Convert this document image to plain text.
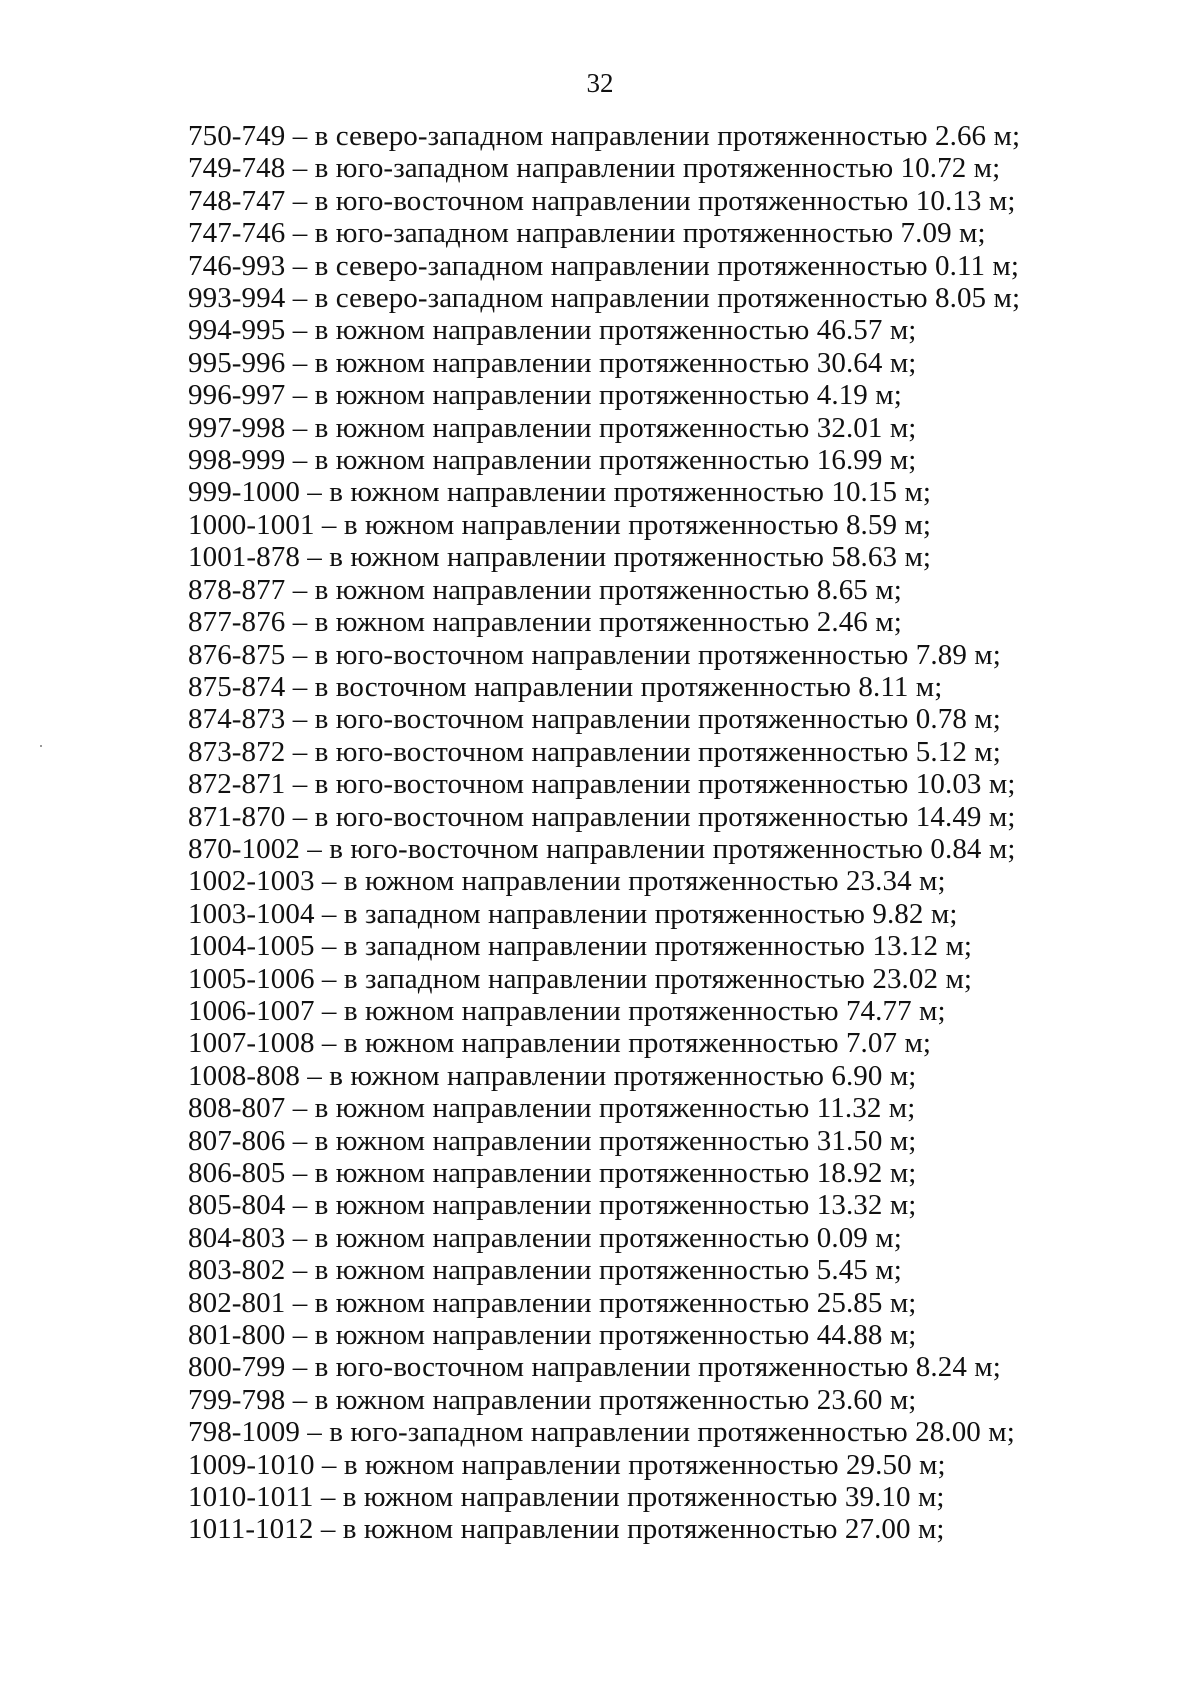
32
750-749 – в северо-западном направлении протяженностью 2.66 м;
749-748 – в юго-западном направлении протяженностью 10.72 м;
748-747 – в юго-восточном направлении протяженностью 10.13 м;
747-746 – в юго-западном направлении протяженностью 7.09 м;
746-993 – в северо-западном направлении протяженностью 0.11 м;
993-994 – в северо-западном направлении протяженностью 8.05 м;
994-995 – в южном направлении протяженностью 46.57 м;
995-996 – в южном направлении протяженностью 30.64 м;
996-997 – в южном направлении протяженностью 4.19 м;
997-998 – в южном направлении протяженностью 32.01 м;
998-999 – в южном направлении протяженностью 16.99 м;
999-1000 – в южном направлении протяженностью 10.15 м;
1000-1001 – в южном направлении протяженностью 8.59 м;
1001-878 – в южном направлении протяженностью 58.63 м;
878-877 – в южном направлении протяженностью 8.65 м;
877-876 – в южном направлении протяженностью 2.46 м;
876-875 – в юго-восточном направлении протяженностью 7.89 м;
875-874 – в восточном направлении протяженностью 8.11 м;
874-873 – в юго-восточном направлении протяженностью 0.78 м;
873-872 – в юго-восточном направлении протяженностью 5.12 м;
872-871 – в юго-восточном направлении протяженностью 10.03 м;
871-870 – в юго-восточном направлении протяженностью 14.49 м;
870-1002 – в юго-восточном направлении протяженностью 0.84 м;
1002-1003 – в южном направлении протяженностью 23.34 м;
1003-1004 – в западном направлении протяженностью 9.82 м;
1004-1005 – в западном направлении протяженностью 13.12 м;
1005-1006 – в западном направлении протяженностью 23.02 м;
1006-1007 – в южном направлении протяженностью 74.77 м;
1007-1008 – в южном направлении протяженностью 7.07 м;
1008-808 – в южном направлении протяженностью 6.90 м;
808-807 – в южном направлении протяженностью 11.32 м;
807-806 – в южном направлении протяженностью 31.50 м;
806-805 – в южном направлении протяженностью 18.92 м;
805-804 – в южном направлении протяженностью 13.32 м;
804-803 – в южном направлении протяженностью 0.09 м;
803-802 – в южном направлении протяженностью 5.45 м;
802-801 – в южном направлении протяженностью 25.85 м;
801-800 – в южном направлении протяженностью 44.88 м;
800-799 – в юго-восточном направлении протяженностью 8.24 м;
799-798 – в южном направлении протяженностью 23.60 м;
798-1009 – в юго-западном направлении протяженностью 28.00 м;
1009-1010 – в южном направлении протяженностью 29.50 м;
1010-1011 – в южном направлении протяженностью 39.10 м;
1011-1012 – в южном направлении протяженностью 27.00 м;
